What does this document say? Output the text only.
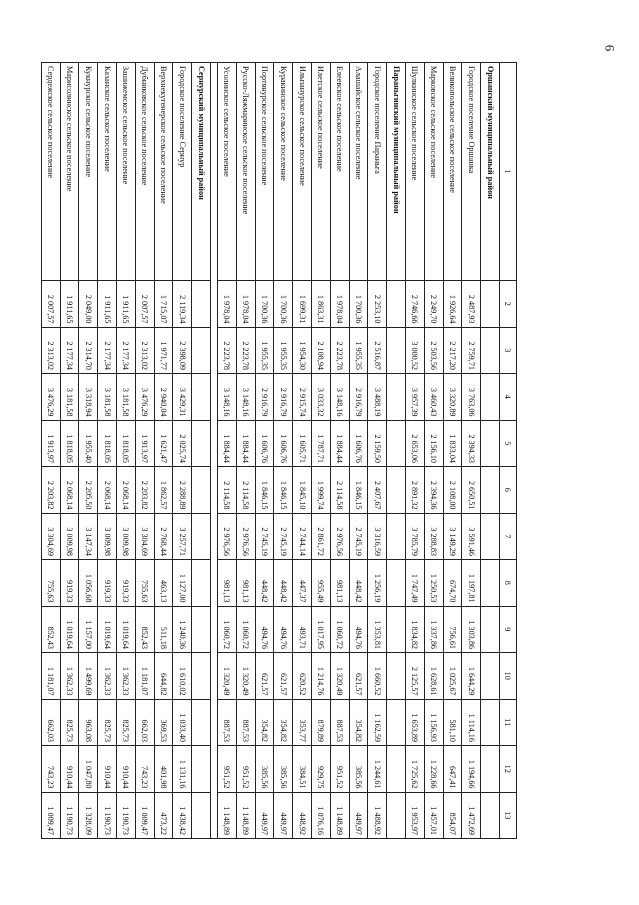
6
1	2	3	4	5	6	7	8	9	10	11	12	13
Оршанский муниципальный район												
Городское поселение Оршанка	2 487,93	2 759,71	3 763,06	2 394,33	2 650,51	3 591,46	1 197,81	1 303,86	1 644,29	1 114,16	1 194,66	1 472,69
Великопольское сельское поселение	1 926,64	2 217,20	3 320,89	1 833,04	2 108,00	3 149,29	674,70	756,61	1 025,67	581,10	647,41	854,07
Марковское сельское поселение	2 249,70	2 503,56	3 460,43	2 156,10	2 394,36	3 288,83	1 250,53	1 337,86	1 628,61	1 156,93	1 228,66	1 457,01
Шулкинское сельское поселение	2 746,66	3 000,52	3 957,39	2 653,06	2 891,32	3 785,79	1 747,49	1 834,82	2 125,57	1 653,89	1 725,62	1 953,97
Параньгинский муниципальный район												
Городское поселение Параньга	2 253,10	2 516,87	3 488,19	2 159,50	2 407,67	3 316,59	1 256,19	1 353,81	1 660,52	1 162,59	1 244,61	1 488,92
Алашайское сельское поселение	1 700,36	1 955,35	2 916,79	1 606,76	1 846,15	2 745,19	448,42	494,76	621,57	354,82	385,56	449,97
Елеевское сельское поселение	1 978,04	2 223,78	3 148,16	1 884,44	2 114,58	2 976,56	981,13	1 060,72	1 320,49	887,53	951,52	1 148,89
Илетское сельское поселение	1 863,31	2 108,94	3 033,32	1 787,71	1 999,74	2 861,72	955,49	1 017,95	1 214,76	879,89	929,75	1 076,16
Ильпанурское сельское поселение	1 699,31	1 954,30	2 915,74	1 605,71	1 845,10	2 744,14	447,37	493,71	620,52	353,77	384,51	448,92
Куракинское сельское поселение	1 700,36	1 955,35	2 916,79	1 606,76	1 846,15	2 745,19	448,42	494,76	621,57	354,82	385,56	449,97
Портянурское сельское поселение	1 700,36	1 955,35	2 916,79	1 606,76	1 846,15	2 745,19	448,42	494,76	621,57	354,82	385,56	449,97
Русско-Ляжмаринское сельское поселение	1 978,04	2 223,78	3 148,16	1 884,44	2 114,58	2 976,56	981,13	1 060,72	1 320,49	887,53	951,52	1 148,89
Усолинское сельское поселение	1 978,04	2 223,78	3 148,16	1 884,44	2 114,58	2 976,56	981,13	1 060,72	1 320,49	887,53	951,52	1 148,89

Сернурский муниципальный район												
Городское поселение Сернур	2 119,34	2 398,09	3 429,31	2 025,74	2 288,89	3 257,71	1 127,00	1 240,36	1 610,02	1 033,40	1 131,16	1 438,42
Верхнекугенерское сельское поселение	1 715,07	1 971,77	2 940,04	1 621,47	1 862,57	2 768,44	463,13	511,18	644,82	369,53	401,98	473,22
Дубниковское сельское поселение	2 007,57	2 313,02	3 476,29	1 913,97	2 203,82	3 304,69	755,63	852,43	1 181,07	662,03	743,23	1 009,47
Зашижемское сельское поселение	1 911,65	2 177,34	3 181,58	1 818,05	2 068,14	3 009,98	919,33	1 019,64	1 362,33	825,73	910,44	1 190,73
Казанское сельское поселение	1 911,65	2 177,34	3 181,58	1 818,05	2 068,14	3 009,98	919,33	1 019,64	1 362,33	825,73	910,44	1 190,73
Кукнурское сельское поселение	2 049,00	2 314,70	3 318,94	1 955,40	2 205,50	3 147,34	1 056,68	1 157,00	1 499,69	963,08	1 047,80	1 328,09
Марисолинское сельское поселение	1 911,65	2 177,34	3 181,58	1 818,05	2 068,14	3 009,98	919,33	1 019,64	1 362,33	825,73	910,44	1 190,73
Сердежское сельское поселение	2 007,57	2 313,02	3 476,29	1 913,97	2 203,82	3 304,69	755,63	852,43	1 181,07	662,03	743,23	1 009,47
